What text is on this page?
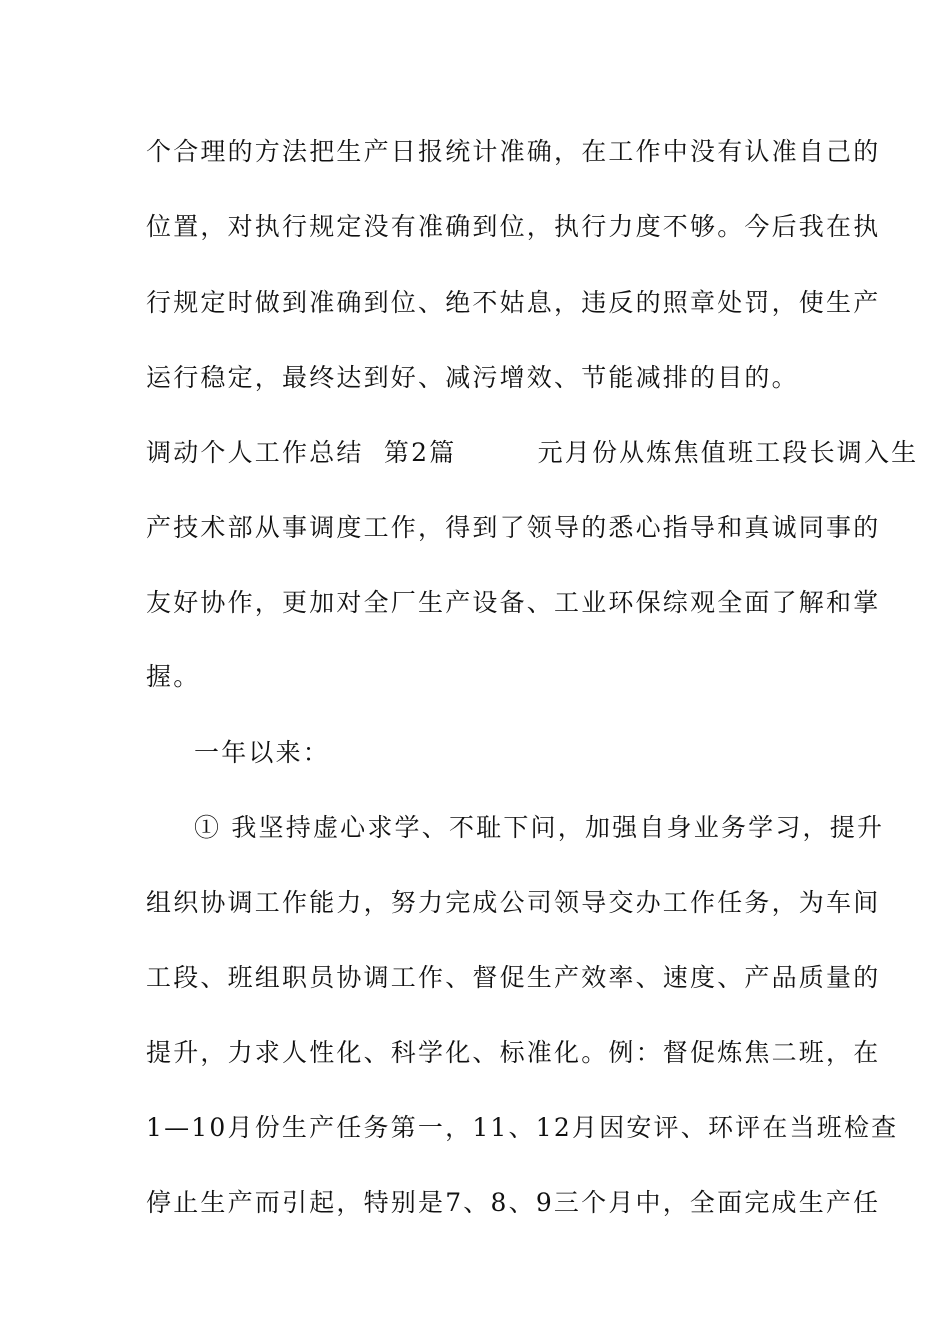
个合理的方法把生产日报统计准确，在工作中没有认准自己的
位置，对执行规定没有准确到位，执行力度不够。今后我在执
行规定时做到准确到位、绝不姑息，违反的照章处罚，使生产
运行稳定，最终达到好、减污增效、节能减排的目的。
调动个人工作总结  第2篇        元月份从炼焦值班工段长调入生
产技术部从事调度工作，得到了领导的悉心指导和真诚同事的
友好协作，更加对全厂生产设备、工业环保综观全面了解和掌
握。
一年以来：
① 我坚持虚心求学、不耻下问，加强自身业务学习，提升
组织协调工作能力，努力完成公司领导交办工作任务，为车间
工段、班组职员协调工作、督促生产效率、速度、产品质量的
提升，力求人性化、科学化、标准化。例：督促炼焦二班，在
1—10月份生产任务第一，11、12月因安评、环评在当班检查
停止生产而引起，特别是7、8、9三个月中，全面完成生产任
